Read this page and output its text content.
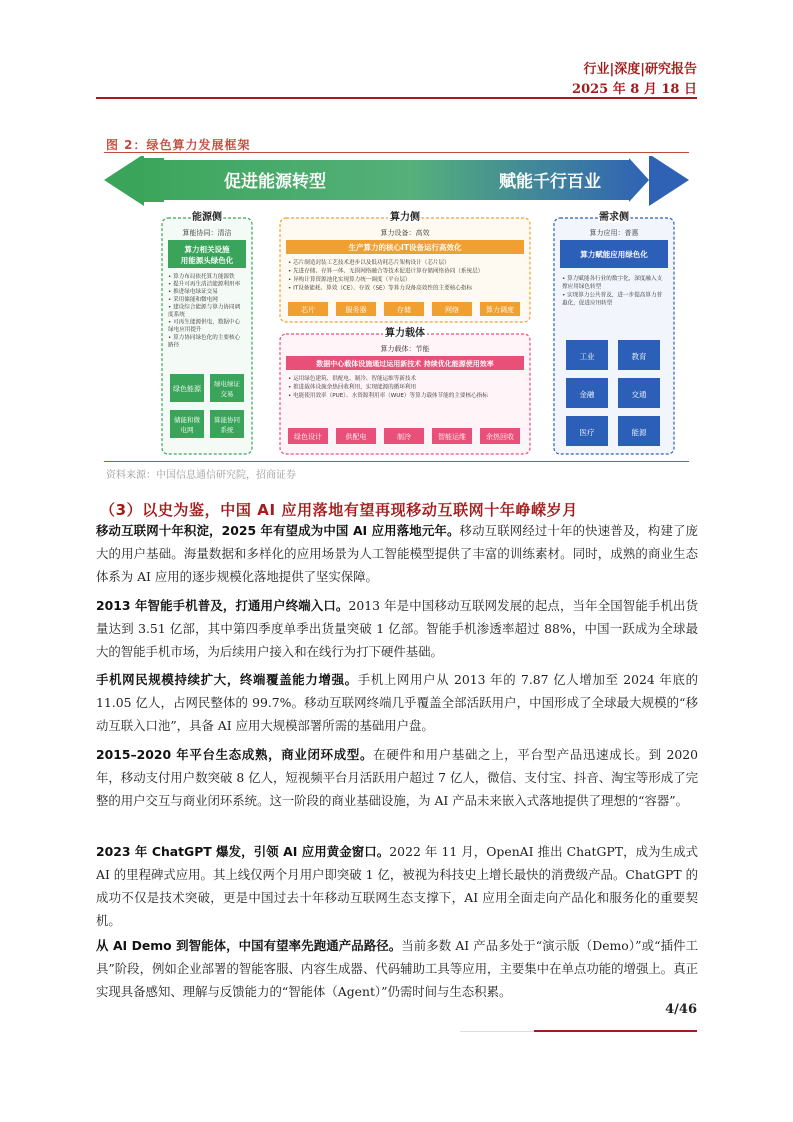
行业|深度|研究报告
2025 年 8 月 18 日
图 2：绿色算力发展框架
促进能源转型	赋能千行百业
能源侧
算能协同：清洁
算力相关设施
用能源头绿色化
• 算力布局依托算力能源铁
• 提升可再生清洁能源利用率
• 推进绿电绿证交易
• 采用储能和微电网
• 建设综合能源与算力协同调
度系统
• 可再生能源供电，数据中心
绿电应用提升
• 算力协同绿色化的主要核心
路径
绿色能源
绿电绿证
交易
储能和微
电网
算能协同
系统
算力侧
算力设备：高效
生产算力的核心IT设备运行高效化
• 芯片制造封装工艺技术进步以及低功耗芯片架构设计（芯片层）
• 先进存储、存算一体、无损网络融合等技术促进计算存储网络协同（系统层）
• 异构计算资源池化实现算力统一调度（平台层）
• IT设备能耗、算效（CE）、存效（SE）等算力设备高效性的主要核心指标
芯片	服务器	存储	网络	算力调度
算力载体
算力载体：节能
数据中心载体设施通过运用新技术 持续优化能源使用效率
• 运用绿色建筑、供配电、制冷、智能运维等新技术
• 推进载体设施余热回收利用，实现能源的循环利用
• 电能使用效率（PUE）、水资源利用率（WUE）等算力载体节能的主要核心指标
绿色设计	供配电	制冷	智能运维	余热回收
需求侧
算力应用：普惠
算力赋能应用绿色化
• 算力赋能各行业的数字化，深度融入支
撑应用绿色转型
• 实现算力公共普及，进一步提高算力普
惠化，促进应用转型
工业	教育
金融	交通
医疗	能源
资料来源：中国信息通信研究院，招商证券
（3）以史为鉴，中国 AI 应用落地有望再现移动互联网十年峥嵘岁月
移动互联网十年积淀，2025 年有望成为中国 AI 应用落地元年。移动互联网经过十年的快速普及，构建了庞大的用户基础。海量数据和多样化的应用场景为人工智能模型提供了丰富的训练素材。同时，成熟的商业生态体系为 AI 应用的逐步规模化落地提供了坚实保障。
2013 年智能手机普及，打通用户终端入口。2013 年是中国移动互联网发展的起点，当年全国智能手机出货量达到 3.51 亿部，其中第四季度单季出货量突破 1 亿部。智能手机渗透率超过 88%，中国一跃成为全球最大的智能手机市场，为后续用户接入和在线行为打下硬件基础。
手机网民规模持续扩大，终端覆盖能力增强。手机上网用户从 2013 年的 7.87 亿人增加至 2024 年底的 11.05 亿人，占网民整体的 99.7%。移动互联网终端几乎覆盖全部活跃用户，中国形成了全球最大规模的“移动互联入口池”，具备 AI 应用大规模部署所需的基础用户盘。
2015–2020 年平台生态成熟，商业闭环成型。在硬件和用户基础之上，平台型产品迅速成长。到 2020 年，移动支付用户数突破 8 亿人，短视频平台月活跃用户超过 7 亿人，微信、支付宝、抖音、淘宝等形成了完整的用户交互与商业闭环系统。这一阶段的商业基础设施，为 AI 产品未来嵌入式落地提供了理想的“容器”。
2023 年 ChatGPT 爆发，引领 AI 应用黄金窗口。2022 年 11 月，OpenAI 推出 ChatGPT，成为生成式 AI 的里程碑式应用。其上线仅两个月用户即突破 1 亿，被视为科技史上增长最快的消费级产品。ChatGPT 的成功不仅是技术突破，更是中国过去十年移动互联网生态支撑下，AI 应用全面走向产品化和服务化的重要契机。
从 AI Demo 到智能体，中国有望率先跑通产品路径。当前多数 AI 产品多处于“演示版（Demo）”或“插件工具”阶段，例如企业部署的智能客服、内容生成器、代码辅助工具等应用，主要集中在单点功能的增强上。真正实现具备感知、理解与反馈能力的“智能体（Agent）”仍需时间与生态积累。
4/46
